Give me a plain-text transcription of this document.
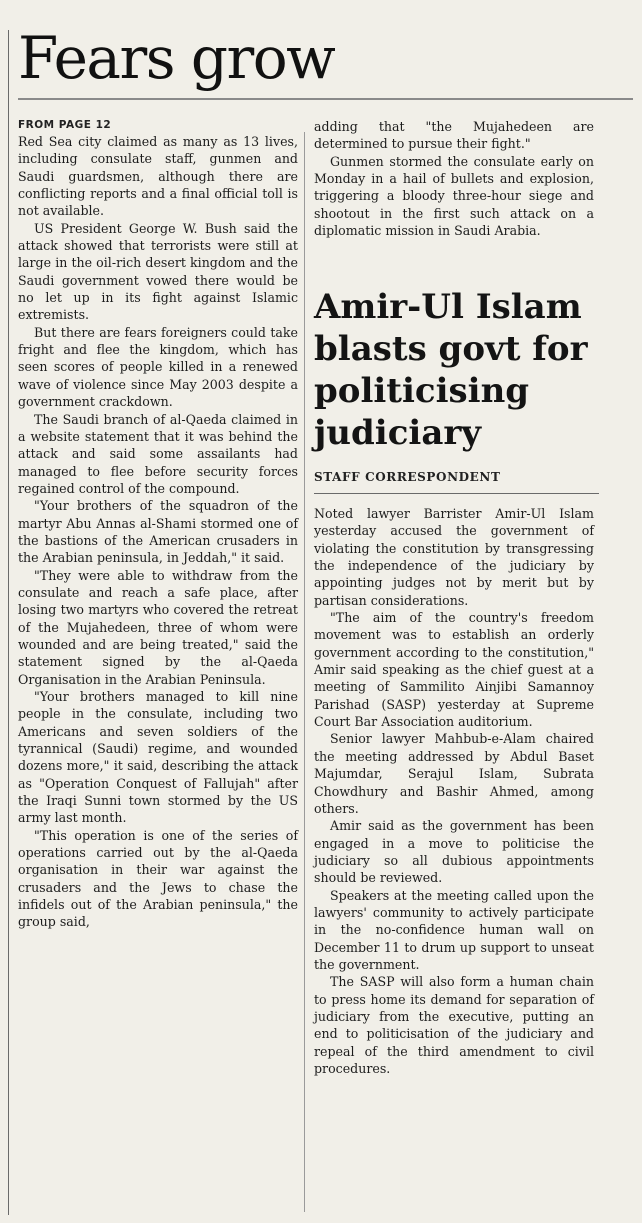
Fears grow
FROM PAGE 12

Red Sea city claimed as many as 13 lives, including consulate staff, gunmen and Saudi guardsmen, although there are conflicting reports and a final official toll is not available.

US President George W. Bush said the attack showed that terrorists were still at large in the oil-rich desert kingdom and the Saudi government vowed there would be no let up in its fight against Islamic extremists.

But there are fears foreigners could take fright and flee the kingdom, which has seen scores of people killed in a renewed wave of violence since May 2003 despite a government crackdown.

The Saudi branch of al-Qaeda claimed in a website statement that it was behind the attack and said some assailants had managed to flee before security forces regained control of the compound.

"Your brothers of the squadron of the martyr Abu Annas al-Shami stormed one of the bastions of the American crusaders in the Arabian peninsula, in Jeddah," it said.

"They were able to withdraw from the consulate and reach a safe place, after losing two martyrs who covered the retreat of the Mujahedeen, three of whom were wounded and are being treated," said the statement signed by the al-Qaeda Organisation in the Arabian Peninsula.

"Your brothers managed to kill nine people in the consulate, including two Americans and seven soldiers of the tyrannical (Saudi) regime, and wounded dozens more," it said, describing the attack as "Operation Conquest of Fallujah" after the Iraqi Sunni town stormed by the US army last month.

"This operation is one of the series of operations carried out by the al-Qaeda organisation in their war against the crusaders and the Jews to chase the infidels out of the Arabian peninsula," the group said,

adding that "the Mujahedeen are determined to pursue their fight."

Gunmen stormed the consulate early on Monday in a hail of bullets and explosion, triggering a bloody three-hour siege and shootout in the first such attack on a diplomatic mission in Saudi Arabia.

Amir-Ul Islam blasts govt for politicising judiciary
STAFF CORRESPONDENT

Noted lawyer Barrister Amir-Ul Islam yesterday accused the government of violating the constitution by transgressing the independence of the judiciary by appointing judges not by merit but by partisan considerations.

"The aim of the country's freedom movement was to establish an orderly government according to the constitution," Amir said speaking as the chief guest at a meeting of Sammilito Ainjibi Samannoy Parishad (SASP) yesterday at Supreme Court Bar Association auditorium.

Senior lawyer Mahbub-e-Alam chaired the meeting addressed by Abdul Baset Majumdar, Serajul Islam, Subrata Chowdhury and Bashir Ahmed, among others.

Amir said as the government has been engaged in a move to politicise the judiciary so all dubious appointments should be reviewed.

Speakers at the meeting called upon the lawyers' community to actively participate in the no-confidence human wall on December 11 to drum up support to unseat the government.

The SASP will also form a human chain to press home its demand for separation of judiciary from the executive, putting an end to politicisation of the judiciary and repeal of the third amendment to civil procedures.
